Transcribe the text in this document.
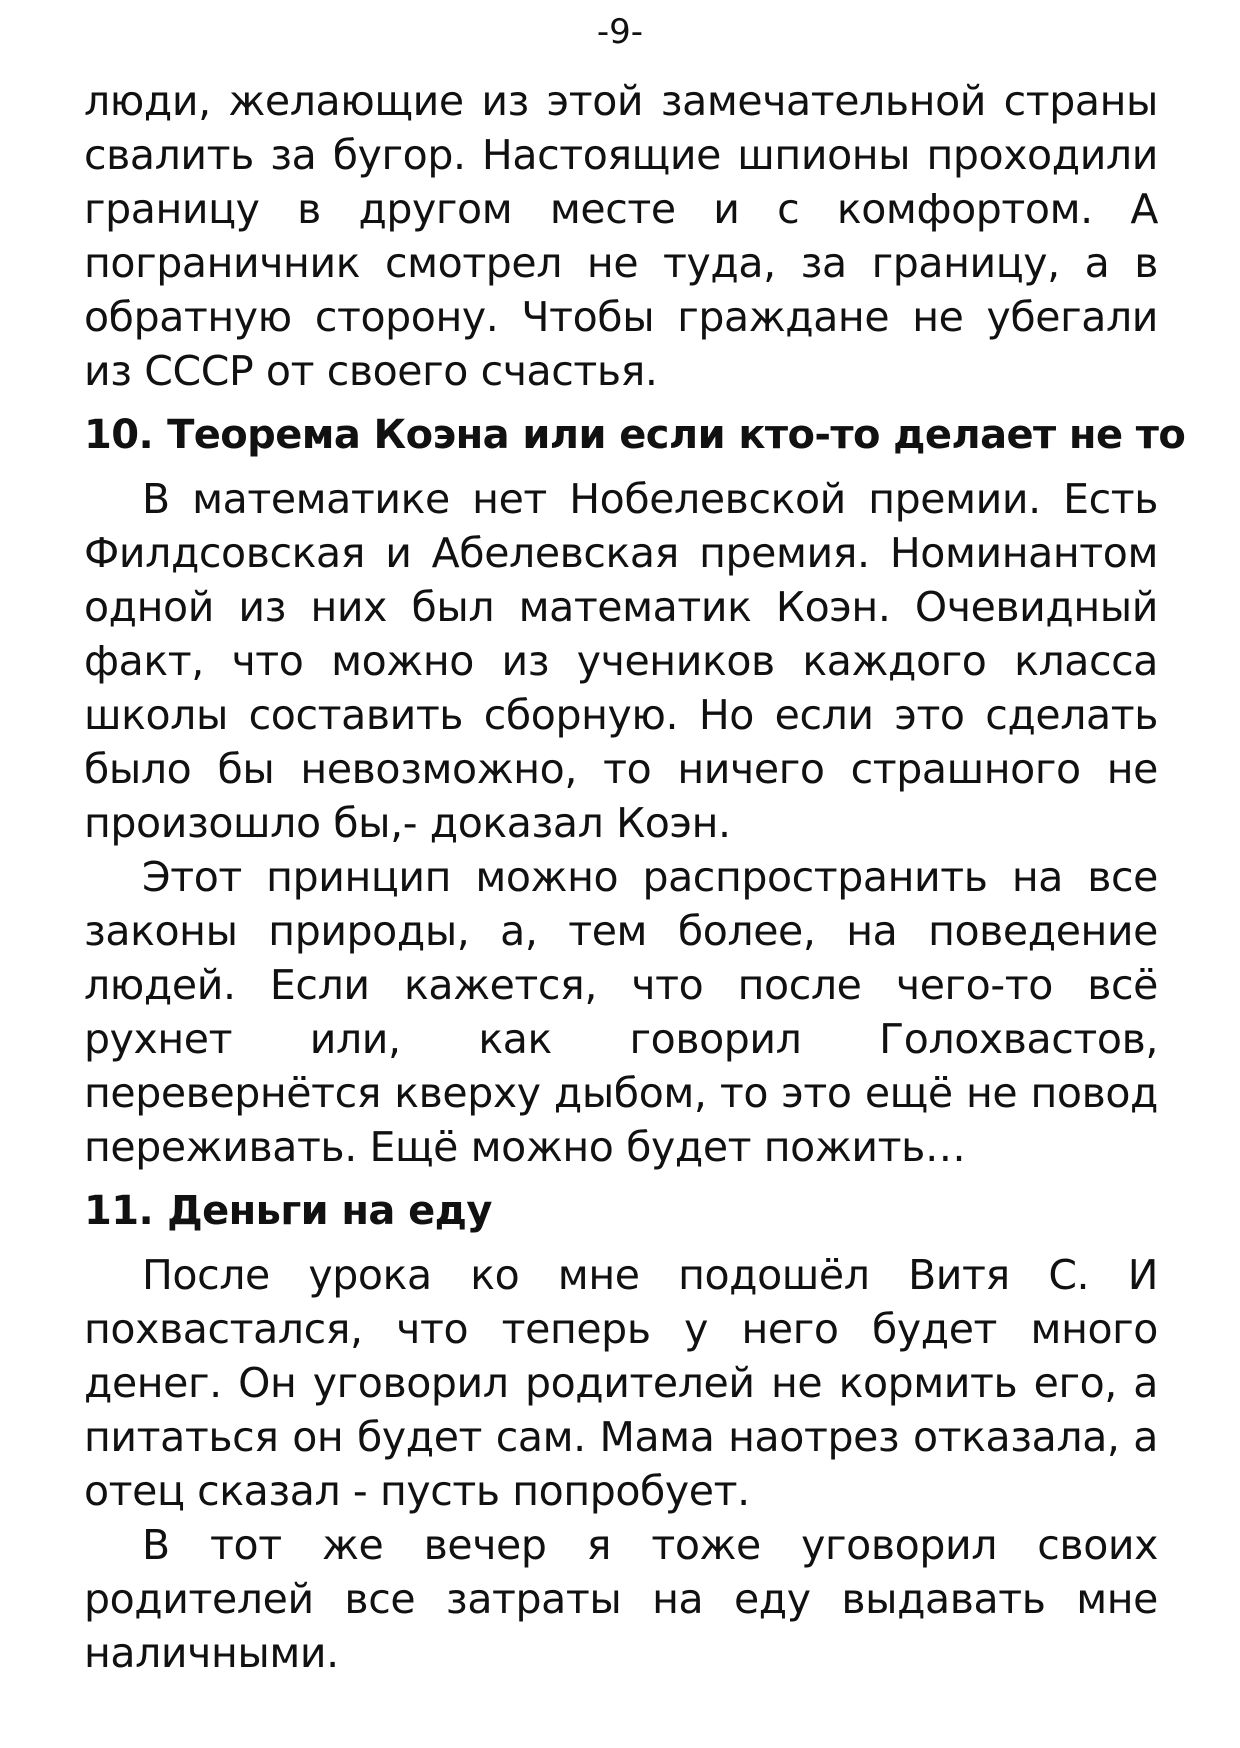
-9-

люди, желающие из этой замечательной страны свалить за бугор. Настоящие шпионы проходили границу в другом месте и с комфортом. А пограничник смотрел не туда, за границу, а в обратную сторону. Чтобы граждане не убегали из СССР от своего счастья.

10. Теорема Коэна или если кто-то делает не то

В математике нет Нобелевской премии. Есть Филдсовская и Абелевская премия. Номинантом одной из них был математик Коэн. Очевидный факт, что можно из учеников каждого класса школы составить сборную. Но если это сделать было бы невозможно, то ничего страшного не произошло бы,- доказал Коэн.

Этот принцип можно распространить на все законы природы, а, тем более, на поведение людей. Если кажется, что после чего-то всё рухнет или, как говорил Голохвастов, перевернётся кверху дыбом, то это ещё не повод переживать. Ещё можно будет пожить…

11. Деньги на еду

После урока ко мне подошёл Витя С. И похвастался, что теперь у него будет много денег. Он уговорил родителей не кормить его, а питаться он будет сам. Мама наотрез отказала, а отец сказал - пусть попробует.

В тот же вечер я тоже уговорил своих родителей все затраты на еду выдавать мне наличными.
